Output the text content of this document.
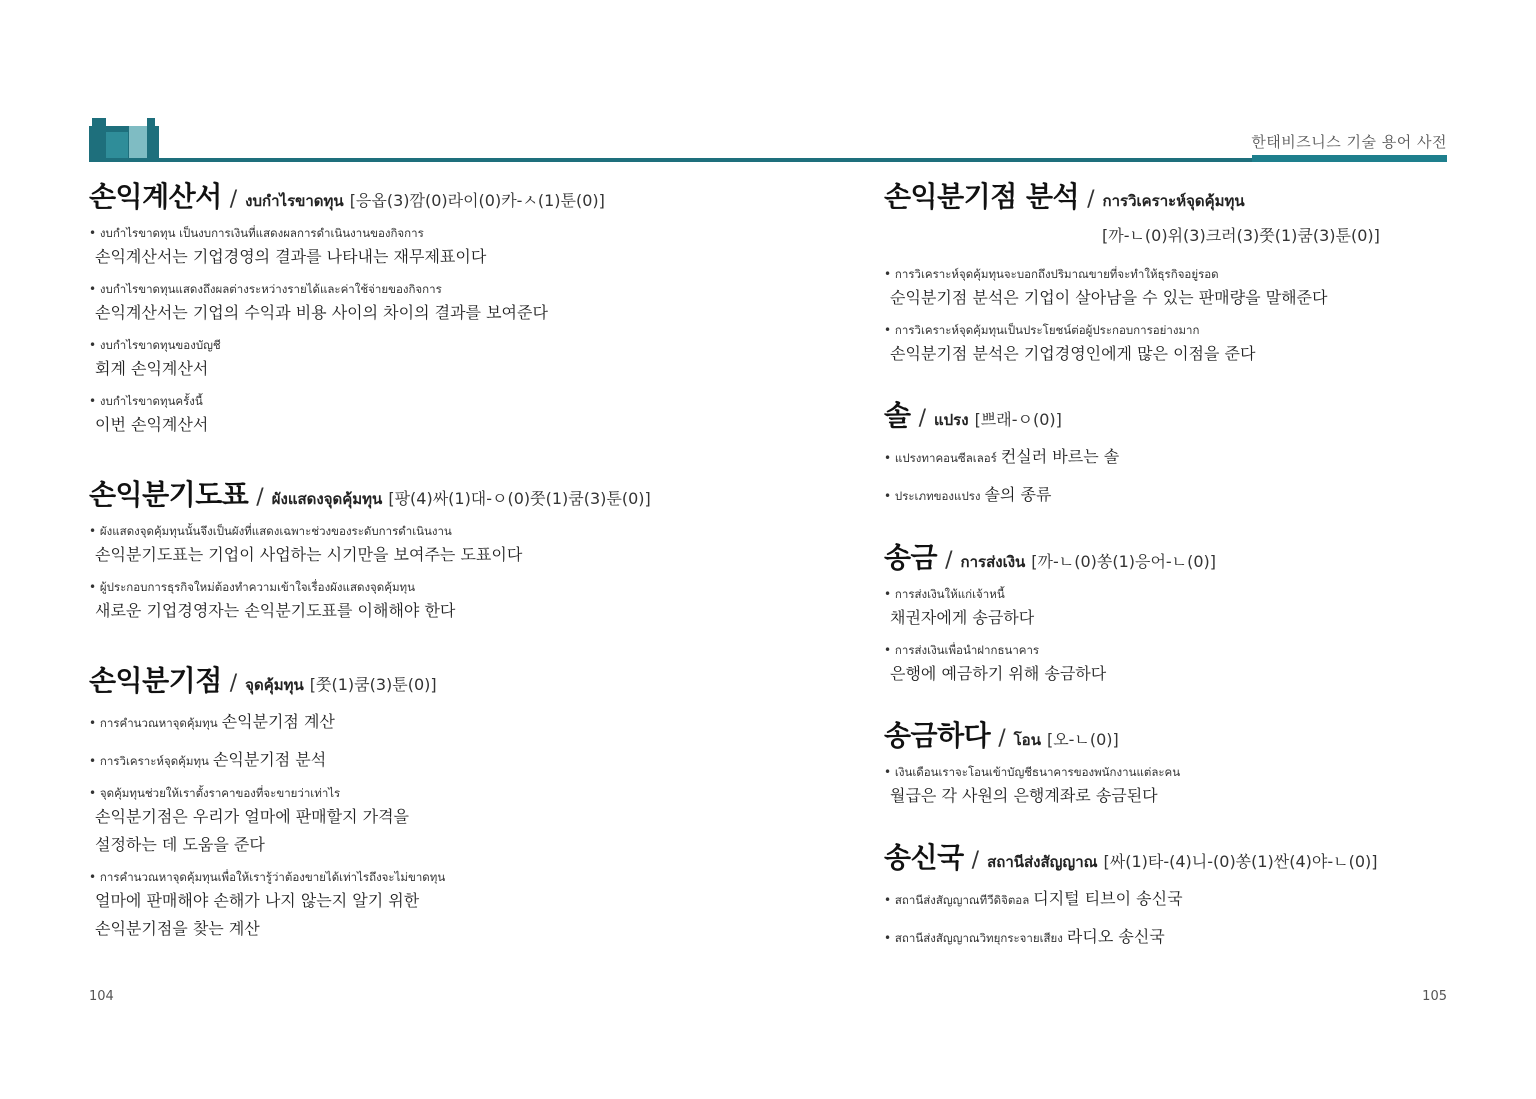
한태비즈니스 기술 용어 사전
손익계산서 / งบกำไรขาดทุน [응옵(3)깜(0)라이(0)카-ㅅ(1)툰(0)]
• งบกำไรขาดทุน เป็นงบการเงินที่แสดงผลการดำเนินงานของกิจการ
손익계산서는 기업경영의 결과를 나타내는 재무제표이다
• งบกำไรขาดทุนแสดงถึงผลต่างระหว่างรายได้และค่าใช้จ่ายของกิจการ
손익계산서는 기업의 수익과 비용 사이의 차이의 결과를 보여준다
• งบกำไรขาดทุนของบัญชี
회계 손익계산서
• งบกำไรขาดทุนครั้งนี้
이번 손익계산서
손익분기도표 / ผังแสดงจุดคุ้มทุน [팡(4)싸(1)대-ㅇ(0)쭛(1)쿰(3)툰(0)]
• ผังแสดงจุดคุ้มทุนนั้นจึงเป็นผังที่แสดงเฉพาะช่วงของระดับการดำเนินงาน
손익분기도표는 기업이 사업하는 시기만을 보여주는 도표이다
• ผู้ประกอบการธุรกิจใหม่ต้องทำความเข้าใจเรื่องผังแสดงจุดคุ้มทุน
새로운 기업경영자는 손익분기도표를 이해해야 한다
손익분기점 / จุดคุ้มทุน [쭛(1)쿰(3)툰(0)]
• การคำนวณหาจุดคุ้มทุน 손익분기점 계산
• การวิเคราะห์จุดคุ้มทุน 손익분기점 분석
• จุดคุ้มทุนช่วยให้เราตั้งราคาของที่จะขายว่าเท่าไร
손익분기점은 우리가 얼마에 판매할지 가격을
설정하는 데 도움을 준다
• การคำนวณหาจุดคุ้มทุนเพื่อให้เรารู้ว่าต้องขายได้เท่าไรถึงจะไม่ขาดทุน
얼마에 판매해야 손해가 나지 않는지 알기 위한
손익분기점을 찾는 계산
손익분기점 분석 / การวิเคราะห์จุดคุ้มทุน
[까-ㄴ(0)위(3)크러(3)쭛(1)쿰(3)툰(0)]
• การวิเคราะห์จุดคุ้มทุนจะบอกถึงปริมาณขายที่จะทำให้ธุรกิจอยู่รอด
순익분기점 분석은 기업이 살아남을 수 있는 판매량을 말해준다
• การวิเคราะห์จุดคุ้มทุนเป็นประโยชน์ต่อผู้ประกอบการอย่างมาก
손익분기점 분석은 기업경영인에게 많은 이점을 준다
솔 / แปรง [쁘래-ㅇ(0)]
• แปรงทาคอนซีลเลอร์ 컨실러 바르는 솔
• ประเภทของแปรง 솔의 종류
송금 / การส่งเงิน [까-ㄴ(0)쏭(1)응어-ㄴ(0)]
• การส่งเงินให้แก่เจ้าหนี้
채권자에게 송금하다
• การส่งเงินเพื่อนำฝากธนาคาร
은행에 예금하기 위해 송금하다
송금하다 / โอน [오-ㄴ(0)]
• เงินเดือนเราจะโอนเข้าบัญชีธนาคารของพนักงานแต่ละคน
월급은 각 사원의 은행계좌로 송금된다
송신국 / สถานีส่งสัญญาณ [싸(1)타-(4)니-(0)쏭(1)싼(4)야-ㄴ(0)]
• สถานีส่งสัญญาณทีวีดิจิตอล 디지털 티브이 송신국
• สถานีส่งสัญญาณวิทยุกระจายเสียง 라디오 송신국
104	105
